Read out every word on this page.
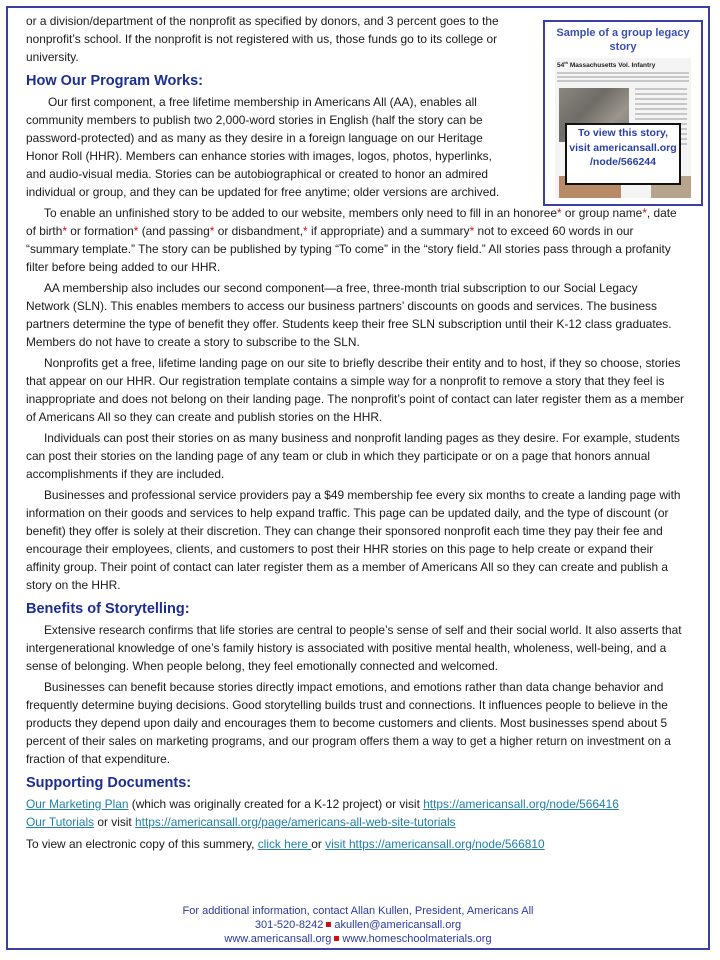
Sample of a group legacy story
54th Massachusetts Vol. Infantry
To view this story, visit americansall.org /node/566244

or a division/department of the nonprofit as specified by donors, and 3 percent goes to the nonprofit’s school. If the nonprofit is not registered with us, those funds go to its college or university.

How Our Program Works:

Our first component, a free lifetime membership in Americans All (AA), enables all community members to publish two 2,000-word stories in English (half the story can be password-protected) and as many as they desire in a foreign language on our Heritage Honor Roll (HHR). Members can enhance stories with images, logos, photos, hyperlinks, and audio-visual media. Stories can be autobiographical or created to honor an admired individual or group, and they can be updated for free anytime; older versions are archived.

To enable an unfinished story to be added to our website, members only need to fill in an honoree* or group name*, date of birth* or formation* (and passing* or disbandment,* if appropriate) and a summary* not to exceed 60 words in our “summary template.” The story can be published by typing “To come” in the “story field.” All stories pass through a profanity filter before being added to our HHR.

AA membership also includes our second component—a free, three-month trial subscription to our Social Legacy Network (SLN). This enables members to access our business partners’ discounts on goods and services. The business partners determine the type of benefit they offer. Students keep their free SLN subscription until their K-12 class graduates. Members do not have to create a story to subscribe to the SLN.

Nonprofits get a free, lifetime landing page on our site to briefly describe their entity and to host, if they so choose, stories that appear on our HHR. Our registration template contains a simple way for a nonprofit to remove a story that they feel is inappropriate and does not belong on their landing page. The nonprofit’s point of contact can later register them as a member of Americans All so they can create and publish stories on the HHR.

Individuals can post their stories on as many business and nonprofit landing pages as they desire. For example, students can post their stories on the landing page of any team or club in which they participate or on a page that honors annual accomplishments if they are included.

Businesses and professional service providers pay a $49 membership fee every six months to create a landing page with information on their goods and services to help expand traffic. This page can be updated daily, and the type of discount (or benefit) they offer is solely at their discretion. They can change their sponsored nonprofit each time they pay their fee and encourage their employees, clients, and customers to post their HHR stories on this page to help create or expand their affinity group. Their point of contact can later register them as a member of Americans All so they can create and publish a story on the HHR.

Benefits of Storytelling:

Extensive research confirms that life stories are central to people’s sense of self and their social world. It also asserts that intergenerational knowledge of one’s family history is associated with positive mental health, wholeness, well-being, and a sense of belonging. When people belong, they feel emotionally connected and welcomed.

Businesses can benefit because stories directly impact emotions, and emotions rather than data change behavior and frequently determine buying decisions. Good storytelling builds trust and connections. It influences people to believe in the products they depend upon daily and encourages them to become customers and clients. Most businesses spend about 5 percent of their sales on marketing programs, and our program offers them a way to get a higher return on investment on a fraction of that expenditure.

Supporting Documents:
Our Marketing Plan (which was originally created for a K-12 project) or visit https://americansall.org/node/566416
Our Tutorials or visit https://americansall.org/page/americans-all-web-site-tutorials
To view an electronic copy of this summery, click here or visit https://americansall.org/node/566810
For additional information, contact Allan Kullen, President, Americans All
301-520-8242 akullen@americansall.org
www.americansall.org www.homeschoolmaterials.org
